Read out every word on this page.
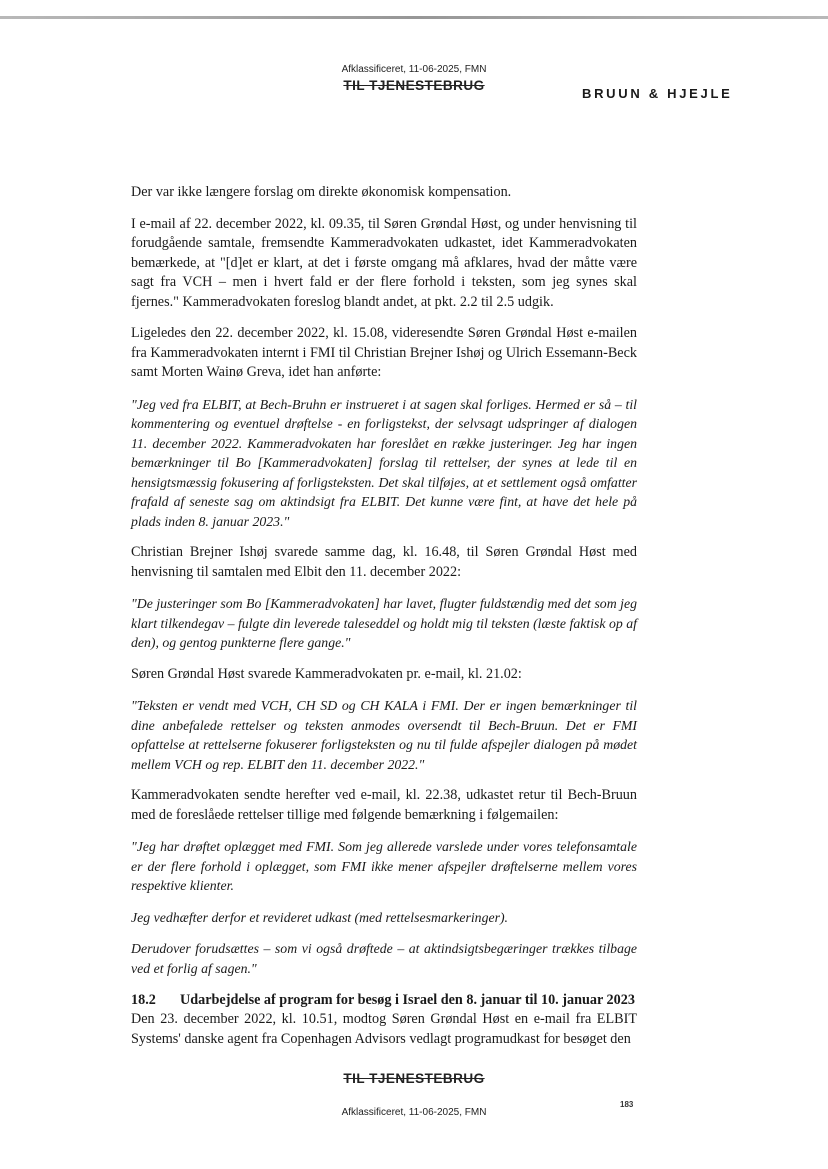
Afklassificeret, 11-06-2025, FMN
TIL TJENESTEBRUG
BRUUN & HJEJLE

Der var ikke længere forslag om direkte økonomisk kompensation.

I e-mail af 22. december 2022, kl. 09.35, til Søren Grøndal Høst, og under henvisning til forudgående samtale, fremsendte Kammeradvokaten udkastet, idet Kammeradvokaten bemærkede, at "[d]et er klart, at det i første omgang må afklares, hvad der måtte være sagt fra VCH – men i hvert fald er der flere forhold i teksten, som jeg synes skal fjernes." Kammeradvokaten foreslog blandt andet, at pkt. 2.2 til 2.5 udgik.

Ligeledes den 22. december 2022, kl. 15.08, videresendte Søren Grøndal Høst e-mailen fra Kammeradvokaten internt i FMI til Christian Brejner Ishøj og Ulrich Essemann-Beck samt Morten Wainø Greva, idet han anførte:

"Jeg ved fra ELBIT, at Bech-Bruhn er instrueret i at sagen skal forliges. Hermed er så – til kommentering og eventuel drøftelse - en forligstekst, der selvsagt udspringer af dialogen 11. december 2022. Kammeradvokaten har foreslået en række justeringer. Jeg har ingen bemærkninger til Bo [Kammeradvokaten] forslag til rettelser, der synes at lede til en hensigtsmæssig fokusering af forligsteksten. Det skal tilføjes, at et settlement også omfatter frafald af seneste sag om aktindsigt fra ELBIT. Det kunne være fint, at have det hele på plads inden 8. januar 2023."

Christian Brejner Ishøj svarede samme dag, kl. 16.48, til Søren Grøndal Høst med henvisning til samtalen med Elbit den 11. december 2022:

"De justeringer som Bo [Kammeradvokaten] har lavet, flugter fuldstændig med det som jeg klart tilkendegav – fulgte din leverede taleseddel og holdt mig til teksten (læste faktisk op af den), og gentog punkterne flere gange."

Søren Grøndal Høst svarede Kammeradvokaten pr. e-mail, kl. 21.02:

"Teksten er vendt med VCH, CH SD og CH KALA i FMI. Der er ingen bemærkninger til dine anbefalede rettelser og teksten anmodes oversendt til Bech-Bruun. Det er FMI opfattelse at rettelserne fokuserer forligsteksten og nu til fulde afspejler dialogen på mødet mellem VCH og rep. ELBIT den 11. december 2022."

Kammeradvokaten sendte herefter ved e-mail, kl. 22.38, udkastet retur til Bech-Bruun med de foreslåede rettelser tillige med følgende bemærkning i følgemailen:

"Jeg har drøftet oplægget med FMI. Som jeg allerede varslede under vores telefonsamtale er der flere forhold i oplægget, som FMI ikke mener afspejler drøftelserne mellem vores respektive klienter.

Jeg vedhæfter derfor et revideret udkast (med rettelsesmarkeringer).

Derudover forudsættes – som vi også drøftede – at aktindsigtsbegæringer trækkes tilbage ved et forlig af sagen."

18.2	Udarbejdelse af program for besøg i Israel den 8. januar til 10. januar 2023

Den 23. december 2022, kl. 10.51, modtog Søren Grøndal Høst en e-mail fra ELBIT Systems' danske agent fra Copenhagen Advisors vedlagt programudkast for besøget den

TIL TJENESTEBRUG
183
Afklassificeret, 11-06-2025, FMN
